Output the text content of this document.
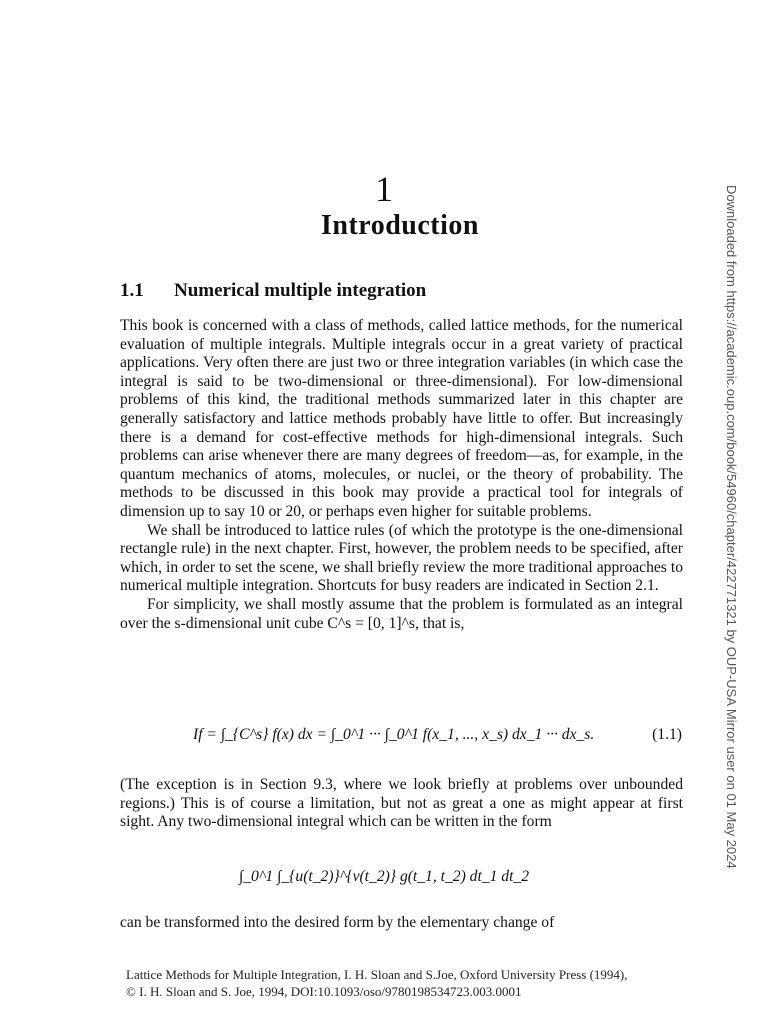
1
Introduction
1.1 Numerical multiple integration

This book is concerned with a class of methods, called lattice methods, for the numerical evaluation of multiple integrals. Multiple integrals occur in a great variety of practical applications. Very often there are just two or three integration variables (in which case the integral is said to be two-dimensional or three-dimensional). For low-dimensional problems of this kind, the traditional methods summarized later in this chapter are generally satisfactory and lattice methods probably have little to offer. But increasingly there is a demand for cost-effective methods for high-dimensional integrals. Such problems can arise whenever there are many degrees of freedom—as, for example, in the quantum mechanics of atoms, molecules, or nuclei, or the theory of probability. The methods to be discussed in this book may provide a practical tool for integrals of dimension up to say 10 or 20, or perhaps even higher for suitable problems.

We shall be introduced to lattice rules (of which the prototype is the one-dimensional rectangle rule) in the next chapter. First, however, the problem needs to be specified, after which, in order to set the scene, we shall briefly review the more traditional approaches to numerical multiple integration. Shortcuts for busy readers are indicated in Section 2.1.

For simplicity, we shall mostly assume that the problem is formulated as an integral over the s-dimensional unit cube C^s = [0, 1]^s, that is,

If = ∫_{C^s} f(x) dx = ∫_0^1 ··· ∫_0^1 f(x_1, ..., x_s) dx_1 ··· dx_s.	(1.1)

(The exception is in Section 9.3, where we look briefly at problems over unbounded regions.) This is of course a limitation, but not as great a one as might appear at first sight. Any two-dimensional integral which can be written in the form

∫_0^1 ∫_{u(t_2)}^{v(t_2)} g(t_1, t_2) dt_1 dt_2

can be transformed into the desired form by the elementary change of

Downloaded from https://academic.oup.com/book/54960/chapter/422771321 by OUP-USA Mirror user on 01 May 2024
Lattice Methods for Multiple Integration, I. H. Sloan and S.Joe, Oxford University Press (1994),
© I. H. Sloan and S. Joe, 1994, DOI:10.1093/oso/9780198534723.003.0001
